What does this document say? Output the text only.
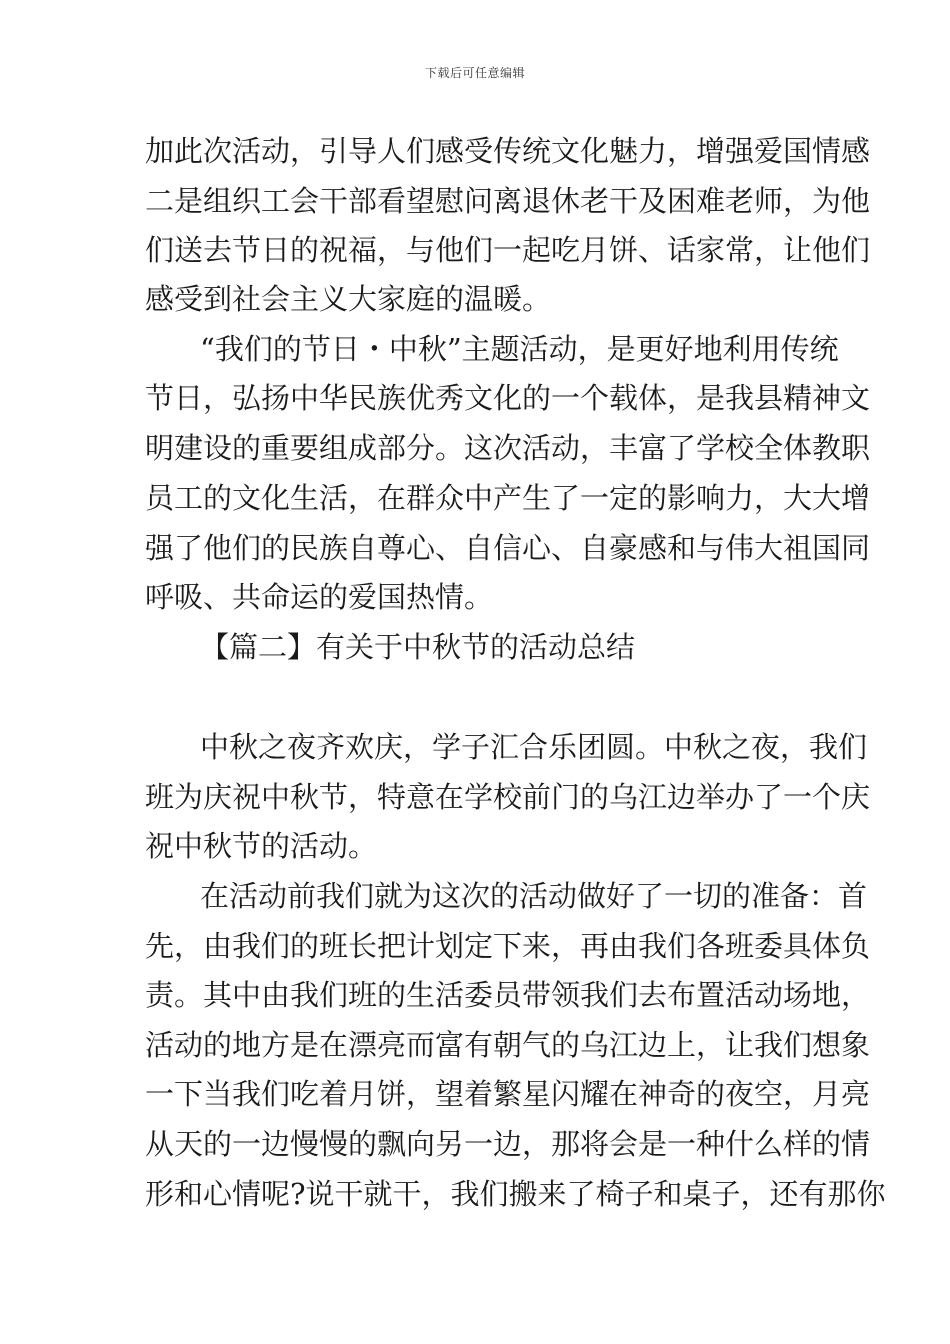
下载后可任意编辑
加此次活动，引导人们感受传统文化魅力，增强爱国情感
二是组织工会干部看望慰问离退休老干及困难老师，为他
们送去节日的祝福，与他们一起吃月饼、话家常，让他们
感受到社会主义大家庭的温暖。
“我们的节日・中秋”主题活动，是更好地利用传统
节日，弘扬中华民族优秀文化的一个载体，是我县精神文
明建设的重要组成部分。这次活动，丰富了学校全体教职
员工的文化生活，在群众中产生了一定的影响力，大大增
强了他们的民族自尊心、自信心、自豪感和与伟大祖国同
呼吸、共命运的爱国热情。
【篇二】有关于中秋节的活动总结
中秋之夜齐欢庆，学子汇合乐团圆。中秋之夜，我们
班为庆祝中秋节，特意在学校前门的乌江边举办了一个庆
祝中秋节的活动。
在活动前我们就为这次的活动做好了一切的准备：首
先，由我们的班长把计划定下来，再由我们各班委具体负
责。其中由我们班的生活委员带领我们去布置活动场地，
活动的地方是在漂亮而富有朝气的乌江边上，让我们想象
一下当我们吃着月饼，望着繁星闪耀在神奇的夜空，月亮
从天的一边慢慢的飘向另一边，那将会是一种什么样的情
形和心情呢?说干就干，我们搬来了椅子和桌子，还有那你
